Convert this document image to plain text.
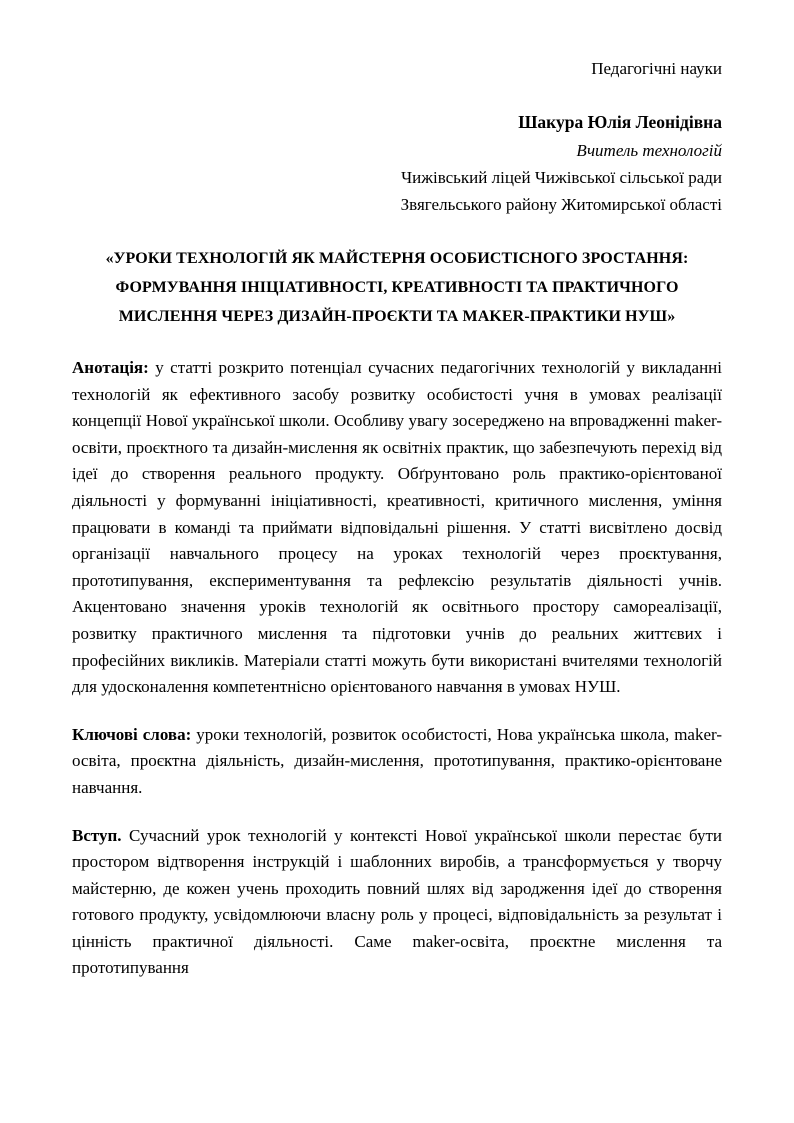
Педагогічні науки
Шакура Юлія Леонідівна
Вчитель технологій
Чижівський ліцей Чижівської сільської ради
Звягельського району Житомирської області
«УРОКИ ТЕХНОЛОГІЙ ЯК МАЙСТЕРНЯ ОСОБИСТІСНОГО ЗРОСТАННЯ:
ФОРМУВАННЯ ІНІЦІАТИВНОСТІ, КРЕАТИВНОСТІ ТА ПРАКТИЧНОГО
МИСЛЕННЯ ЧЕРЕЗ ДИЗАЙН-ПРОЄКТИ ТА MAKER-ПРАКТИКИ НУШ»

Анотація: у статті розкрито потенціал сучасних педагогічних технологій у викладанні технологій як ефективного засобу розвитку особистості учня в умовах реалізації концепції Нової української школи. Особливу увагу зосереджено на впровадженні maker-освіти, проєктного та дизайн-мислення як освітніх практик, що забезпечують перехід від ідеї до створення реального продукту. Обґрунтовано роль практико-орієнтованої діяльності у формуванні ініціативності, креативності, критичного мислення, уміння працювати в команді та приймати відповідальні рішення. У статті висвітлено досвід організації навчального процесу на уроках технологій через проєктування, прототипування, експериментування та рефлексію результатів діяльності учнів. Акцентовано значення уроків технологій як освітнього простору самореалізації, розвитку практичного мислення та підготовки учнів до реальних життєвих і професійних викликів. Матеріали статті можуть бути використані вчителями технологій для удосконалення компетентнісно орієнтованого навчання в умовах НУШ.

Ключові слова: уроки технологій, розвиток особистості, Нова українська школа, maker-освіта, проєктна діяльність, дизайн-мислення, прототипування, практико-орієнтоване навчання.

Вступ. Сучасний урок технологій у контексті Нової української школи перестає бути простором відтворення інструкцій і шаблонних виробів, а трансформується у творчу майстерню, де кожен учень проходить повний шлях від зародження ідеї до створення готового продукту, усвідомлюючи власну роль у процесі, відповідальність за результат і цінність практичної діяльності. Саме maker-освіта, проєктне мислення та прототипування
